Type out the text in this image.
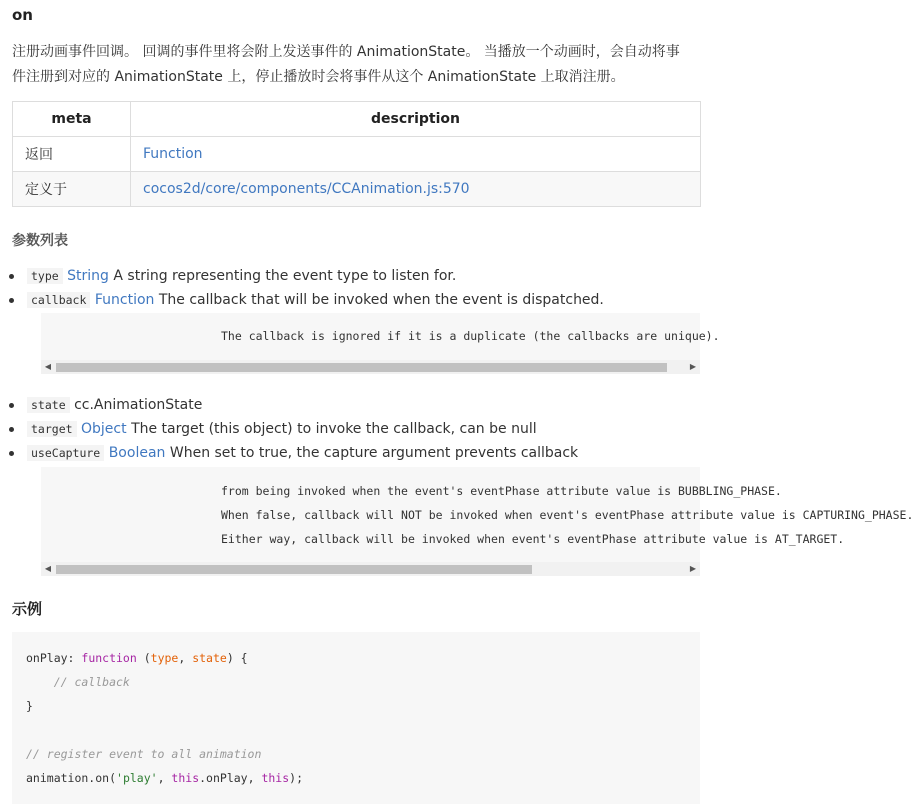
on
注册动画事件回调。 回调的事件里将会附上发送事件的 AnimationState。 当播放一个动画时，会自动将事
件注册到对应的 AnimationState 上，停止播放时会将事件从这个 AnimationState 上取消注册。
meta	description
返回	Function
定义于	cocos2d/core/components/CCAnimation.js:570
参数列表
type String A string representing the event type to listen for.
callback Function The callback that will be invoked when the event is dispatched.
The callback is ignored if it is a duplicate (the callbacks are unique).
◀	▶
state cc.AnimationState
target Object The target (this object) to invoke the callback, can be null
useCapture Boolean When set to true, the capture argument prevents callback
from being invoked when the event's eventPhase attribute value is BUBBLING_PHASE.
When false, callback will NOT be invoked when event's eventPhase attribute value is CAPTURING_PHASE.
Either way, callback will be invoked when event's eventPhase attribute value is AT_TARGET.
◀	▶
示例
onPlay: function (type, state) {
// callback
}

// register event to all animation
animation.on('play', this.onPlay, this);
